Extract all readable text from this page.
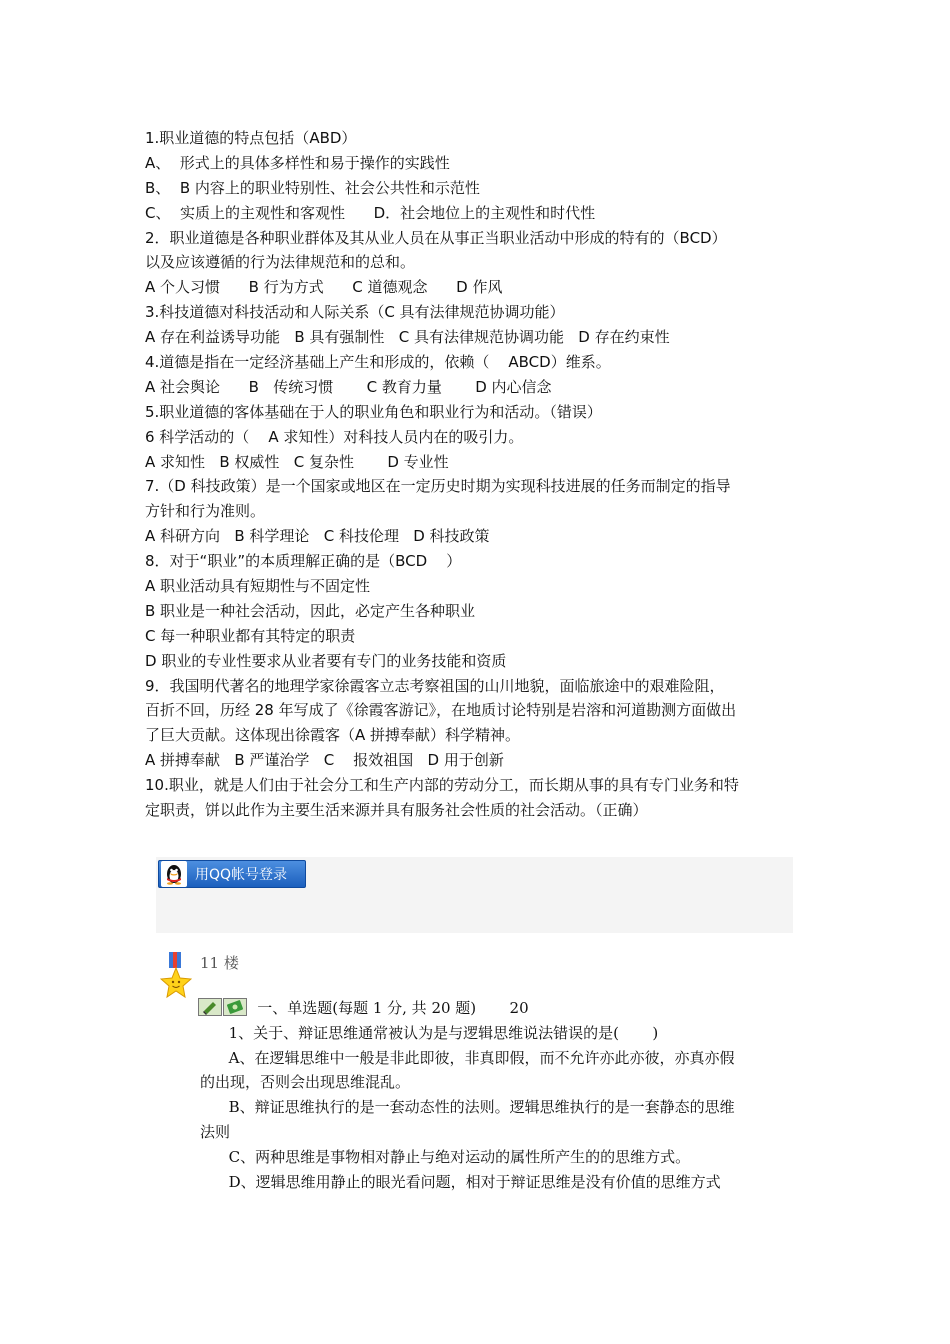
1.职业道德的特点包括（ABD）
A、  形式上的具体多样性和易于操作的实践性
B、  B 内容上的职业特别性、社会公共性和示范性
C、  实质上的主观性和客观性      D．社会地位上的主观性和时代性
2．职业道德是各种职业群体及其从业人员在从事正当职业活动中形成的特有的（BCD）
以及应该遵循的行为法律规范和的总和。
A 个人习惯      B 行为方式      C 道德观念      D 作风
3.科技道德对科技活动和人际关系（C 具有法律规范协调功能）
A 存在利益诱导功能   B 具有强制性   C 具有法律规范协调功能   D 存在约束性
4.道德是指在一定经济基础上产生和形成的，依赖（    ABCD）维系。
A 社会舆论      B   传统习惯       C 教育力量       D 内心信念
5.职业道德的客体基础在于人的职业角色和职业行为和活动。（错误）
6 科学活动的（    A 求知性）对科技人员内在的吸引力。
A 求知性   B 权威性   C 复杂性       D 专业性
7.（D 科技政策）是一个国家或地区在一定历史时期为实现科技进展的任务而制定的指导
方针和行为准则。
A 科研方向   B 科学理论   C 科技伦理   D 科技政策
8．对于“职业”的本质理解正确的是（BCD    ）
A 职业活动具有短期性与不固定性
B 职业是一种社会活动，因此，必定产生各种职业
C 每一种职业都有其特定的职责
D 职业的专业性要求从业者要有专门的业务技能和资质
9．我国明代著名的地理学家徐霞客立志考察祖国的山川地貌，面临旅途中的艰难险阻，
百折不回，历经 28 年写成了《徐霞客游记》，在地质讨论特别是岩溶和河道勘测方面做出
了巨大贡献。这体现出徐霞客（A 拼搏奉献）科学精神。
A 拼搏奉献   B 严谨治学   C    报效祖国   D 用于创新
10.职业，就是人们由于社会分工和生产内部的劳动分工，而长期从事的具有专门业务和特
定职责，饼以此作为主要生活来源并具有服务社会性质的社会活动。（正确）
用QQ帐号登录
11 楼
一、单选题(每题 1 分, 共 20 题)       20
1、关于、辩证思维通常被认为是与逻辑思维说法错误的是(       )
A、在逻辑思维中一般是非此即彼，非真即假，而不允许亦此亦彼，亦真亦假
的出现，否则会出现思维混乱。
B、辩证思维执行的是一套动态性的法则。逻辑思维执行的是一套静态的思维
法则
C、两种思维是事物相对静止与绝对运动的属性所产生的的思维方式。
D、逻辑思维用静止的眼光看问题，相对于辩证思维是没有价值的思维方式
